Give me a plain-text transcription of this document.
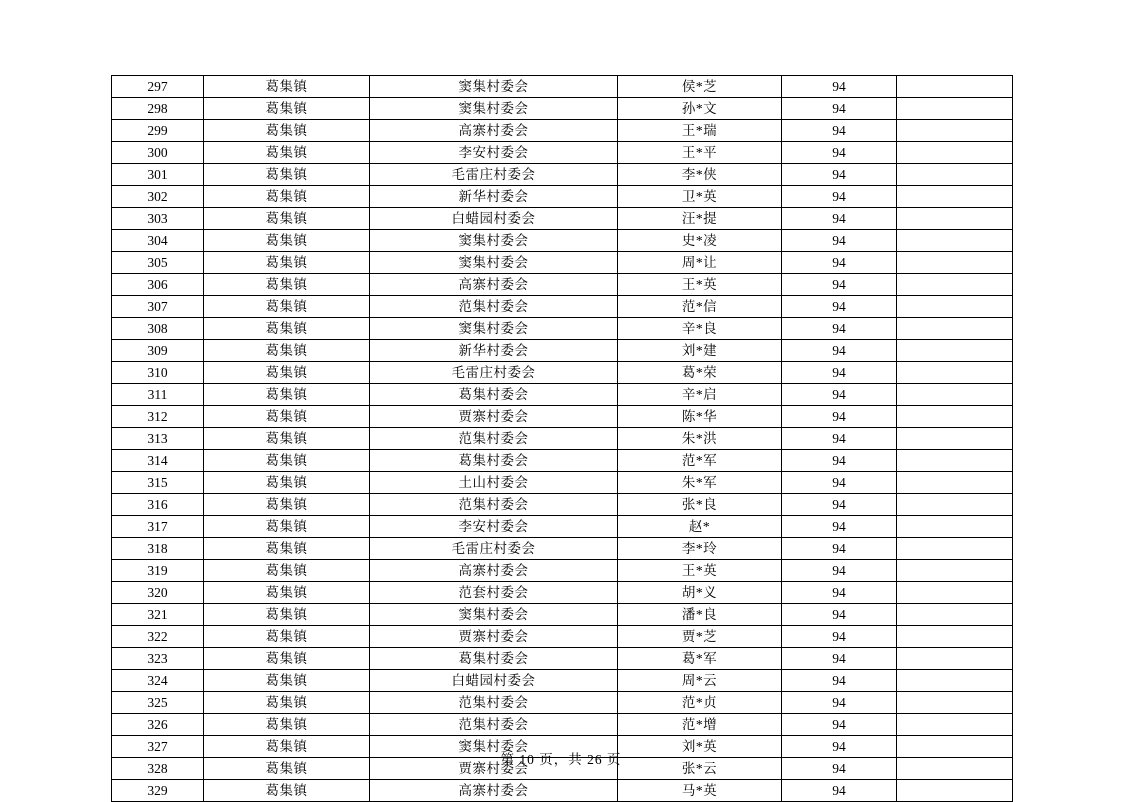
297	葛集镇	窦集村委会	侯*芝	94	
298	葛集镇	窦集村委会	孙*文	94	
299	葛集镇	高寨村委会	王*瑞	94	
300	葛集镇	李安村委会	王*平	94	
301	葛集镇	毛雷庄村委会	李*侠	94	
302	葛集镇	新华村委会	卫*英	94	
303	葛集镇	白蜡园村委会	汪*提	94	
304	葛集镇	窦集村委会	史*凌	94	
305	葛集镇	窦集村委会	周*让	94	
306	葛集镇	高寨村委会	王*英	94	
307	葛集镇	范集村委会	范*信	94	
308	葛集镇	窦集村委会	辛*良	94	
309	葛集镇	新华村委会	刘*建	94	
310	葛集镇	毛雷庄村委会	葛*荣	94	
311	葛集镇	葛集村委会	辛*启	94	
312	葛集镇	贾寨村委会	陈*华	94	
313	葛集镇	范集村委会	朱*洪	94	
314	葛集镇	葛集村委会	范*军	94	
315	葛集镇	土山村委会	朱*军	94	
316	葛集镇	范集村委会	张*良	94	
317	葛集镇	李安村委会	赵*	94	
318	葛集镇	毛雷庄村委会	李*玲	94	
319	葛集镇	高寨村委会	王*英	94	
320	葛集镇	范套村委会	胡*义	94	
321	葛集镇	窦集村委会	潘*良	94	
322	葛集镇	贾寨村委会	贾*芝	94	
323	葛集镇	葛集村委会	葛*军	94	
324	葛集镇	白蜡园村委会	周*云	94	
325	葛集镇	范集村委会	范*贞	94	
326	葛集镇	范集村委会	范*增	94	
327	葛集镇	窦集村委会	刘*英	94	
328	葛集镇	贾寨村委会	张*云	94	
329	葛集镇	高寨村委会	马*英	94	
第 10 页，共 26 页
